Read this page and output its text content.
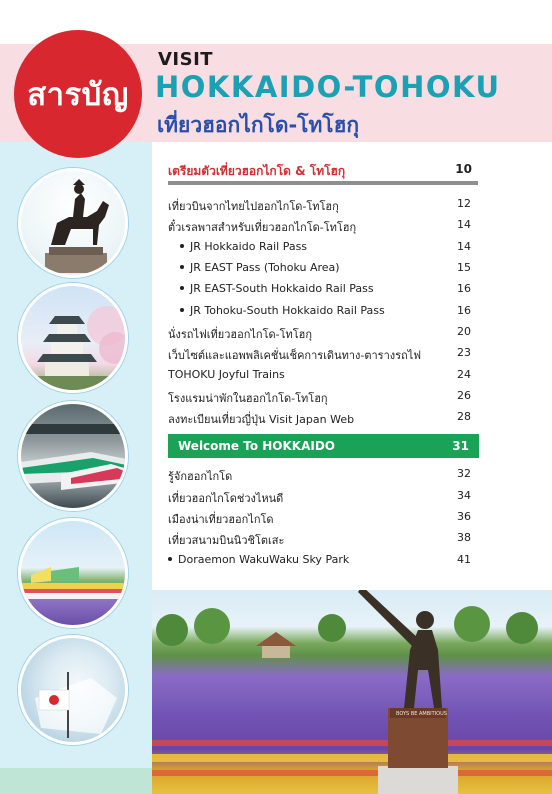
สารบัญ
VISIT
HOKKAIDO-TOHOKU
เที่ยวฮอกไกโด-โทโฮกุ
เตรียมตัวเที่ยวฮอกไกโด & โทโฮกุ	10
เที่ยวบินจากไทยไปฮอกไกโด-โทโฮกุ	12
ตั๋วเรลพาสสำหรับเที่ยวฮอกไกโด-โทโฮกุ	14
JR Hokkaido Rail Pass	14
JR EAST Pass (Tohoku Area)	15
JR EAST-South Hokkaido Rail Pass	16
JR Tohoku-South Hokkaido Rail Pass	16
นั่งรถไฟเที่ยวฮอกไกโด-โทโฮกุ	20
เว็บไซต์และแอพพลิเคชั่นเช็คการเดินทาง-ตารางรถไฟ	23
TOHOKU Joyful Trains	24
โรงแรมน่าพักในฮอกไกโด-โทโฮกุ	26
ลงทะเบียนเที่ยวญี่ปุ่น Visit Japan Web	28
Welcome To HOKKAIDO	31
รู้จักฮอกไกโด	32
เที่ยวฮอกไกโดช่วงไหนดี	34
เมืองน่าเที่ยวฮอกไกโด	36
เที่ยวสนามบินนิวชิโตเสะ	38
Doraemon WakuWaku Sky Park	41
BOYS BE AMBITIOUS
